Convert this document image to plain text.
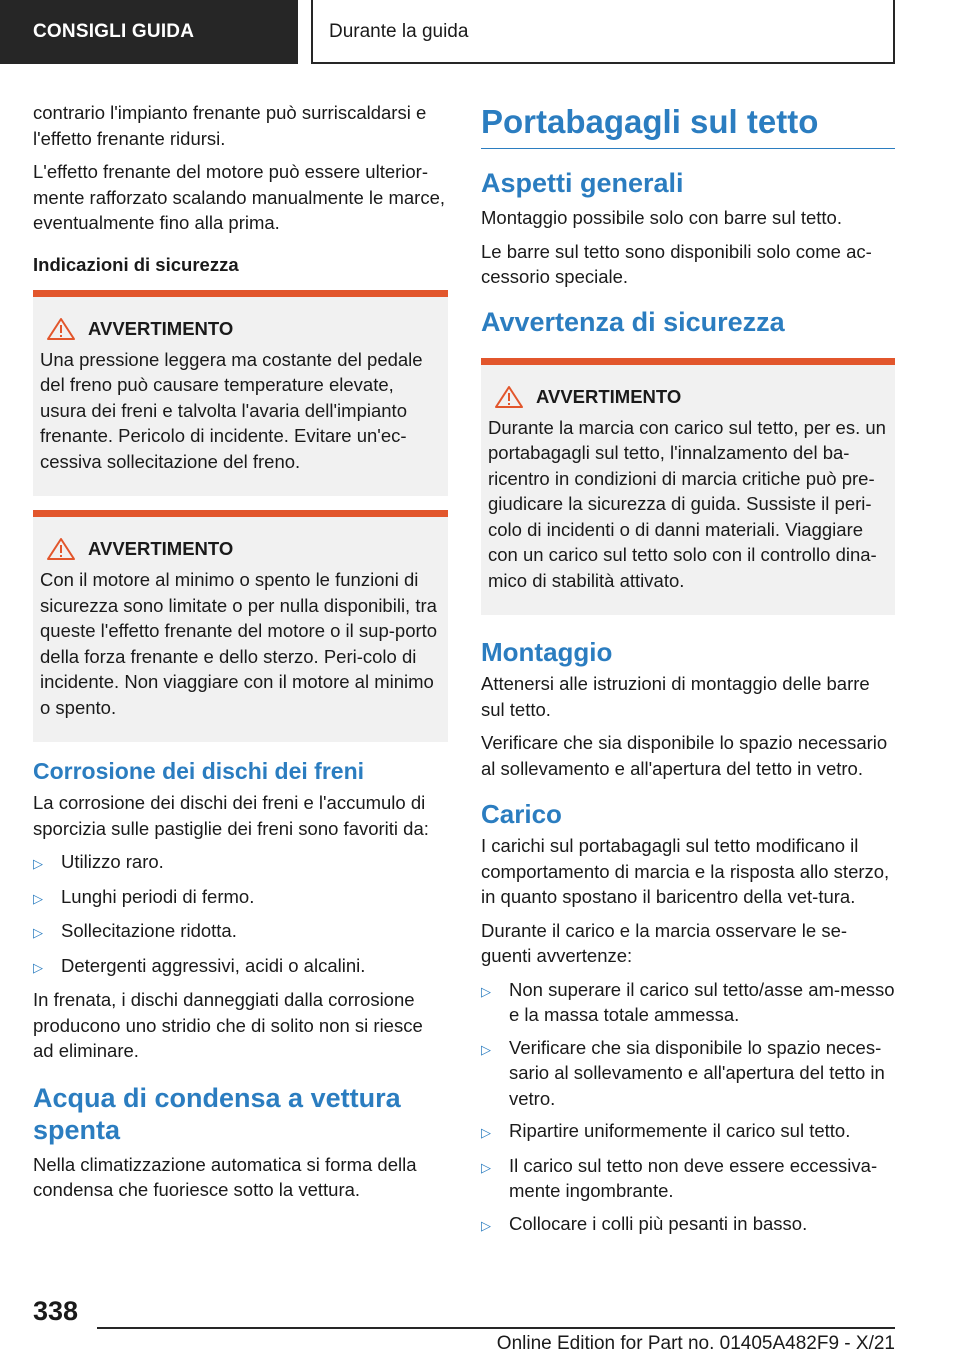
CONSIGLI GUIDA	Durante la guida

contrario l'impianto frenante può surriscaldarsi e l'effetto frenante ridursi.

L'effetto frenante del motore può essere ulterior-mente rafforzato scalando manualmente le marce, eventualmente fino alla prima.

Indicazioni di sicurezza
AVVERTIMENTO

Una pressione leggera ma costante del pedale del freno può causare temperature elevate, usura dei freni e talvolta l'avaria dell'impianto frenante. Pericolo di incidente. Evitare un'ec-cessiva sollecitazione del freno.

AVVERTIMENTO

Con il motore al minimo o spento le funzioni di sicurezza sono limitate o per nulla disponibili, tra queste l'effetto frenante del motore o il sup-porto della forza frenante e dello sterzo. Peri-colo di incidente. Non viaggiare con il motore al minimo o spento.

Corrosione dei dischi dei freni

La corrosione dei dischi dei freni e l'accumulo di sporcizia sulle pastiglie dei freni sono favoriti da:

▷ Utilizzo raro.
▷ Lunghi periodi di fermo.
▷ Sollecitazione ridotta.
▷ Detergenti aggressivi, acidi o alcalini.

In frenata, i dischi danneggiati dalla corrosione producono uno stridio che di solito non si riesce ad eliminare.

Acqua di condensa a vettura spenta

Nella climatizzazione automatica si forma della condensa che fuoriesce sotto la vettura.

Portabagagli sul tetto
Aspetti generali

Montaggio possibile solo con barre sul tetto.

Le barre sul tetto sono disponibili solo come ac-cessorio speciale.

Avvertenza di sicurezza
AVVERTIMENTO

Durante la marcia con carico sul tetto, per es. un portabagagli sul tetto, l'innalzamento del ba-ricentro in condizioni di marcia critiche può pre-giudicare la sicurezza di guida. Sussiste il peri-colo di incidenti o di danni materiali. Viaggiare con un carico sul tetto solo con il controllo dina-mico di stabilità attivato.

Montaggio

Attenersi alle istruzioni di montaggio delle barre sul tetto.

Verificare che sia disponibile lo spazio necessario al sollevamento e all'apertura del tetto in vetro.

Carico

I carichi sul portabagagli sul tetto modificano il comportamento di marcia e la risposta allo sterzo, in quanto spostano il baricentro della vet-tura.

Durante il carico e la marcia osservare le se-guenti avvertenze:

▷ Non superare il carico sul tetto/asse am-messo e la massa totale ammessa.
▷ Verificare che sia disponibile lo spazio neces-sario al sollevamento e all'apertura del tetto in vetro.
▷ Ripartire uniformemente il carico sul tetto.
▷ Il carico sul tetto non deve essere eccessiva-mente ingombrante.
▷ Collocare i colli più pesanti in basso.
338
Online Edition for Part no. 01405A482F9 - X/21
